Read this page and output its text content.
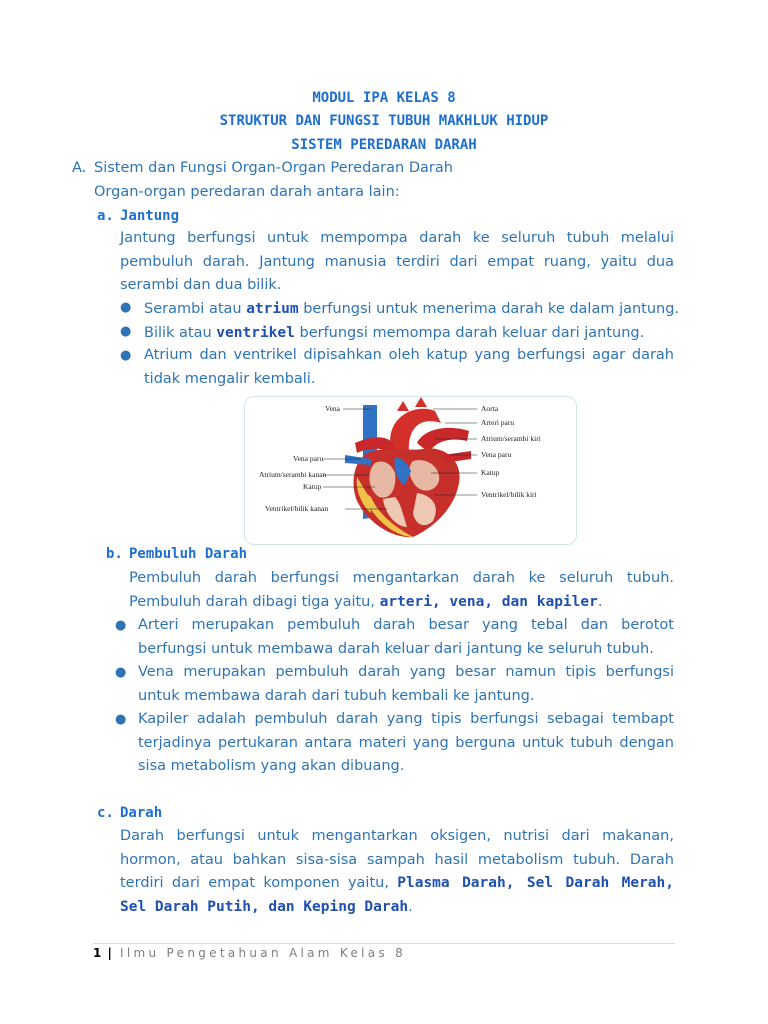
MODUL IPA KELAS 8
STRUKTUR DAN FUNGSI TUBUH MAKHLUK HIDUP
SISTEM PEREDARAN DARAH
A. Sistem dan Fungsi Organ-Organ Peredaran Darah
Organ-organ peredaran darah antara lain:
a. Jantung
Jantung berfungsi untuk mempompa darah ke seluruh tubuh melalui pembuluh darah. Jantung manusia terdiri dari empat ruang, yaitu dua serambi dan dua bilik.
● Serambi atau atrium berfungsi untuk menerima darah ke dalam jantung.
● Bilik atau ventrikel berfungsi memompa darah keluar dari jantung.
● Atrium dan ventrikel dipisahkan oleh katup yang berfungsi agar darah tidak mengalir kembali.
Vena
Vena paru
Atrium/serambi kanan
Katup
Ventrikel/bilik kanan
Aorta
Arteri paru
Atrium/serambi kiri
Vena paru
Katup
Ventrikel/bilik kiri
b. Pembuluh Darah
Pembuluh darah berfungsi mengantarkan darah ke seluruh tubuh. Pembuluh darah dibagi tiga yaitu, arteri, vena, dan kapiler.
● Arteri merupakan pembuluh darah besar yang tebal dan berotot berfungsi untuk membawa darah keluar dari jantung ke seluruh tubuh.
● Vena merupakan pembuluh darah yang besar namun tipis berfungsi untuk membawa darah dari tubuh kembali ke jantung.
● Kapiler adalah pembuluh darah yang tipis berfungsi sebagai tembapt terjadinya pertukaran antara materi yang berguna untuk tubuh dengan sisa metabolism yang akan dibuang.
c. Darah
Darah berfungsi untuk mengantarkan oksigen, nutrisi dari makanan, hormon, atau bahkan sisa-sisa sampah hasil metabolism tubuh. Darah terdiri dari empat komponen yaitu, Plasma Darah, Sel Darah Merah, Sel Darah Putih, dan Keping Darah.
1 | Ilmu Pengetahuan Alam Kelas 8
